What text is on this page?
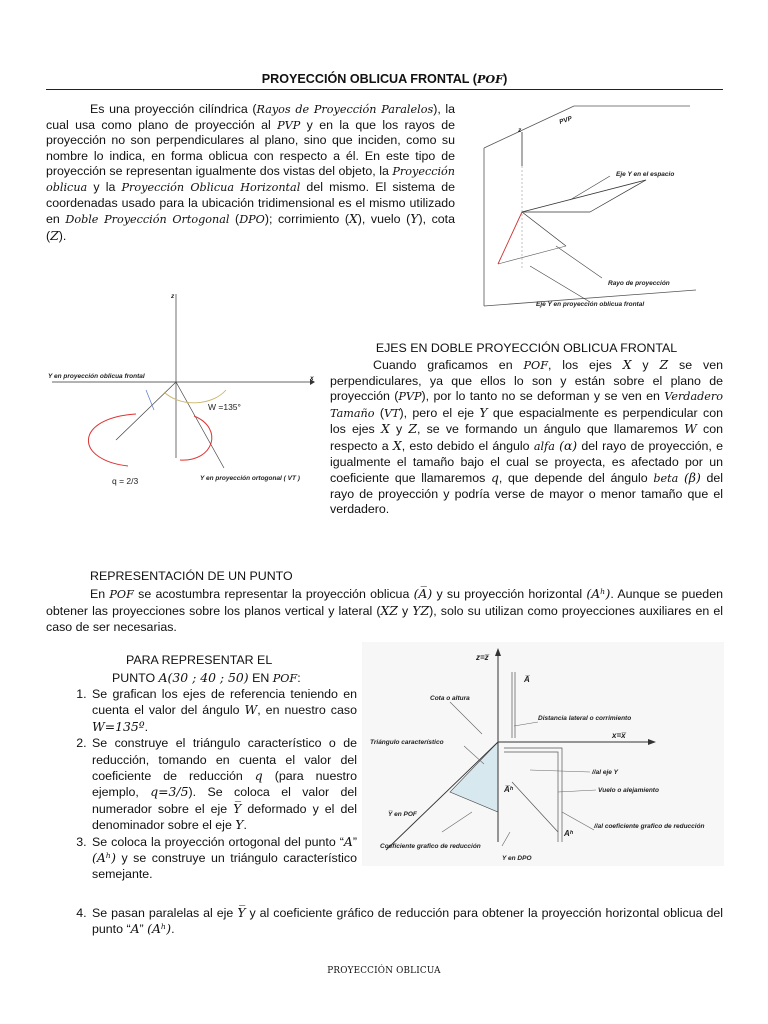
PROYECCIÓN OBLICUA FRONTAL (POF)
Es una proyección cilíndrica (Rayos de Proyección Paralelos), la cual usa como plano de proyección al PVP y en la que los rayos de proyección no son perpendiculares al plano, sino que inciden, como su nombre lo indica, en forma oblicua con respecto a él. En este tipo de proyección se representan igualmente dos vistas del objeto, la Proyección oblicua y la Proyección Oblicua Horizontal del mismo. El sistema de coordenadas usado para la ubicación tridimensional es el mismo utilizado en Doble Proyección Ortogonal (DPO); corrimiento (X), vuelo (Y), cota (Z).
PVP
z
Eje Y en el espacio
Rayo de proyección
Eje Y en proyección oblicua frontal
z
x
Y en proyección oblicua frontal
W =135°
q = 2/3	Y en proyección ortogonal ( VT )
EJES EN DOBLE PROYECCIÓN OBLICUA FRONTAL
Cuando graficamos en POF, los ejes X y Z se ven perpendiculares, ya que ellos lo son y están sobre el plano de proyección (PVP), por lo tanto no se deforman y se ven en Verdadero Tamaño (VT), pero el eje Y que espacialmente es perpendicular con los ejes X y Z, se ve formando un ángulo que llamaremos W con respecto a X, esto debido el ángulo alfa (α) del rayo de proyección, e igualmente el tamaño bajo el cual se proyecta, es afectado por un coeficiente que llamaremos q, que depende del ángulo beta (β) del rayo de proyección y podría verse de mayor o menor tamaño que el verdadero.
REPRESENTACIÓN DE UN PUNTO
En POF se acostumbra representar la proyección oblicua (A̅) y su proyección horizontal (Aʰ). Aunque se pueden obtener las proyecciones sobre los planos vertical y lateral (XZ y YZ), solo su utilizan como proyecciones auxiliares en el caso de ser necesarias.
PARA REPRESENTAR EL
PUNTO A(30 ; 40 ; 50) EN POF:
1. Se grafican los ejes de referencia teniendo en cuenta el valor del ángulo W, en nuestro caso W=135º.
2. Se construye el triángulo característico o de reducción, tomando en cuenta el valor del coeficiente de reducción q (para nuestro ejemplo, q=3/5). Se coloca el valor del numerador sobre el eje Y̅ deformado y el del denominador sobre el eje Y.
3. Se coloca la proyección ortogonal del punto “A” (Aʰ) y se construye un triángulo característico semejante.
4. Se pasan paralelas al eje Y̅ y al coeficiente gráfico de reducción para obtener la proyección horizontal oblicua del punto “A” (Aʰ).
z=z̅
A̅
Cota o altura
Distancia lateral o corrimiento
x=x̅
Triángulo característico
A̅ʰ
//al eje Y
Vuelo o alejamiento
Y̅ en POF
//al coeficiente grafico de reducción
Aʰ
Coeficiente grafico de reducción
Y en DPO
PROYECCIÓN OBLICUA
